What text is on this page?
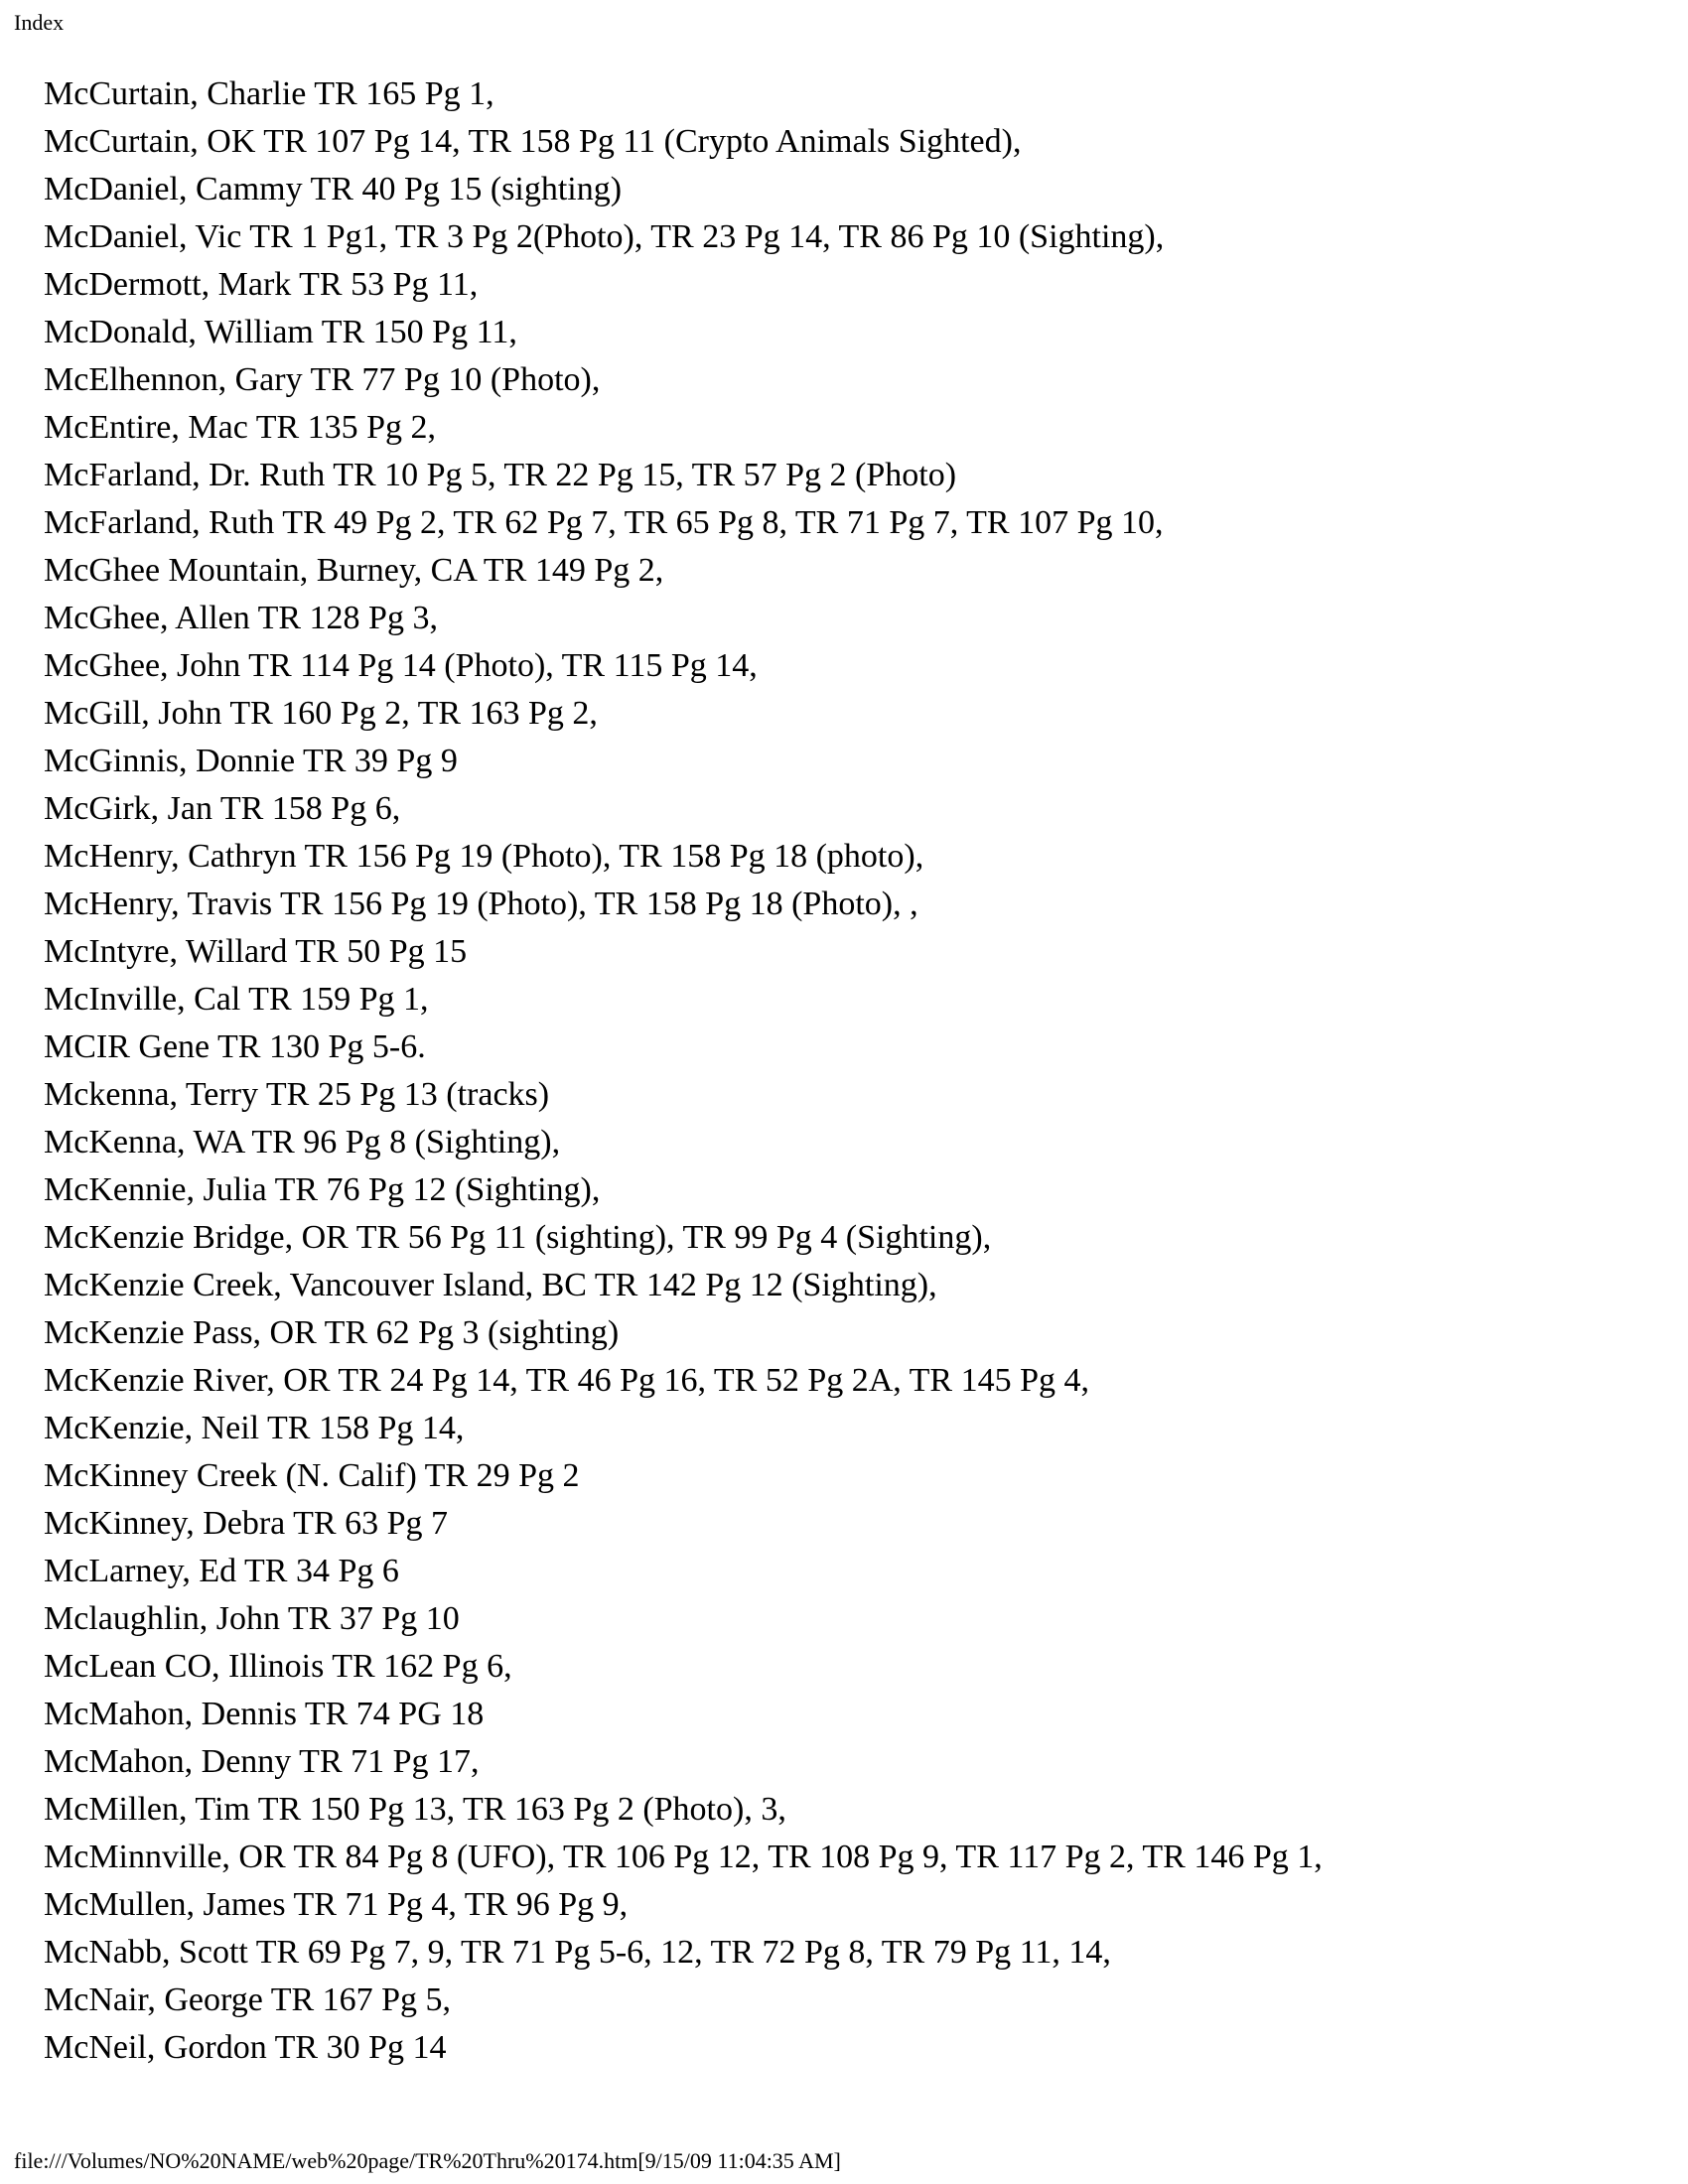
Index
McCurtain, Charlie TR 165 Pg 1,
McCurtain, OK TR 107 Pg 14, TR 158 Pg 11 (Crypto Animals Sighted),
McDaniel, Cammy TR 40 Pg 15 (sighting)
McDaniel, Vic TR 1 Pg1, TR 3 Pg 2(Photo), TR 23 Pg 14, TR 86 Pg 10 (Sighting),
McDermott, Mark TR 53 Pg 11,
McDonald, William TR 150 Pg 11,
McElhennon, Gary TR 77 Pg 10 (Photo),
McEntire, Mac TR 135 Pg 2,
McFarland, Dr. Ruth TR 10 Pg 5, TR 22 Pg 15, TR 57 Pg 2 (Photo)
McFarland, Ruth TR 49 Pg 2, TR 62 Pg 7, TR 65 Pg 8, TR 71 Pg 7, TR 107 Pg 10,
McGhee Mountain, Burney, CA TR 149 Pg 2,
McGhee, Allen TR 128 Pg 3,
McGhee, John TR 114 Pg 14 (Photo), TR 115 Pg 14,
McGill, John TR 160 Pg 2, TR 163 Pg 2,
McGinnis, Donnie TR 39 Pg 9
McGirk, Jan TR 158 Pg 6,
McHenry, Cathryn TR 156 Pg 19 (Photo), TR 158 Pg 18 (photo),
McHenry, Travis TR 156 Pg 19 (Photo), TR 158 Pg 18 (Photo), ,
McIntyre, Willard TR 50 Pg 15
McInville, Cal TR 159 Pg 1,
MCIR Gene TR 130 Pg 5-6.
Mckenna, Terry TR 25 Pg 13 (tracks)
McKenna, WA TR 96 Pg 8 (Sighting),
McKennie, Julia TR 76 Pg 12 (Sighting),
McKenzie Bridge, OR TR 56 Pg 11 (sighting), TR 99 Pg 4 (Sighting),
McKenzie Creek, Vancouver Island, BC TR 142 Pg 12 (Sighting),
McKenzie Pass, OR TR 62 Pg 3 (sighting)
McKenzie River, OR TR 24 Pg 14, TR 46 Pg 16, TR 52 Pg 2A, TR 145 Pg 4,
McKenzie, Neil TR 158 Pg 14,
McKinney Creek (N. Calif) TR 29 Pg 2
McKinney, Debra TR 63 Pg 7
McLarney, Ed TR 34 Pg 6
Mclaughlin, John TR 37 Pg 10
McLean CO, Illinois TR 162 Pg 6,
McMahon, Dennis TR 74 PG 18
McMahon, Denny TR 71 Pg 17,
McMillen, Tim TR 150 Pg 13, TR 163 Pg 2 (Photo), 3,
McMinnville, OR TR 84 Pg 8 (UFO), TR 106 Pg 12, TR 108 Pg 9, TR 117 Pg 2, TR 146 Pg 1,
McMullen, James TR 71 Pg 4, TR 96 Pg 9,
McNabb, Scott TR 69 Pg 7, 9, TR 71 Pg 5-6, 12, TR 72 Pg 8, TR 79 Pg 11, 14,
McNair, George TR 167 Pg 5,
McNeil, Gordon TR 30 Pg 14
file:///Volumes/NO%20NAME/web%20page/TR%20Thru%20174.htm[9/15/09 11:04:35 AM]
